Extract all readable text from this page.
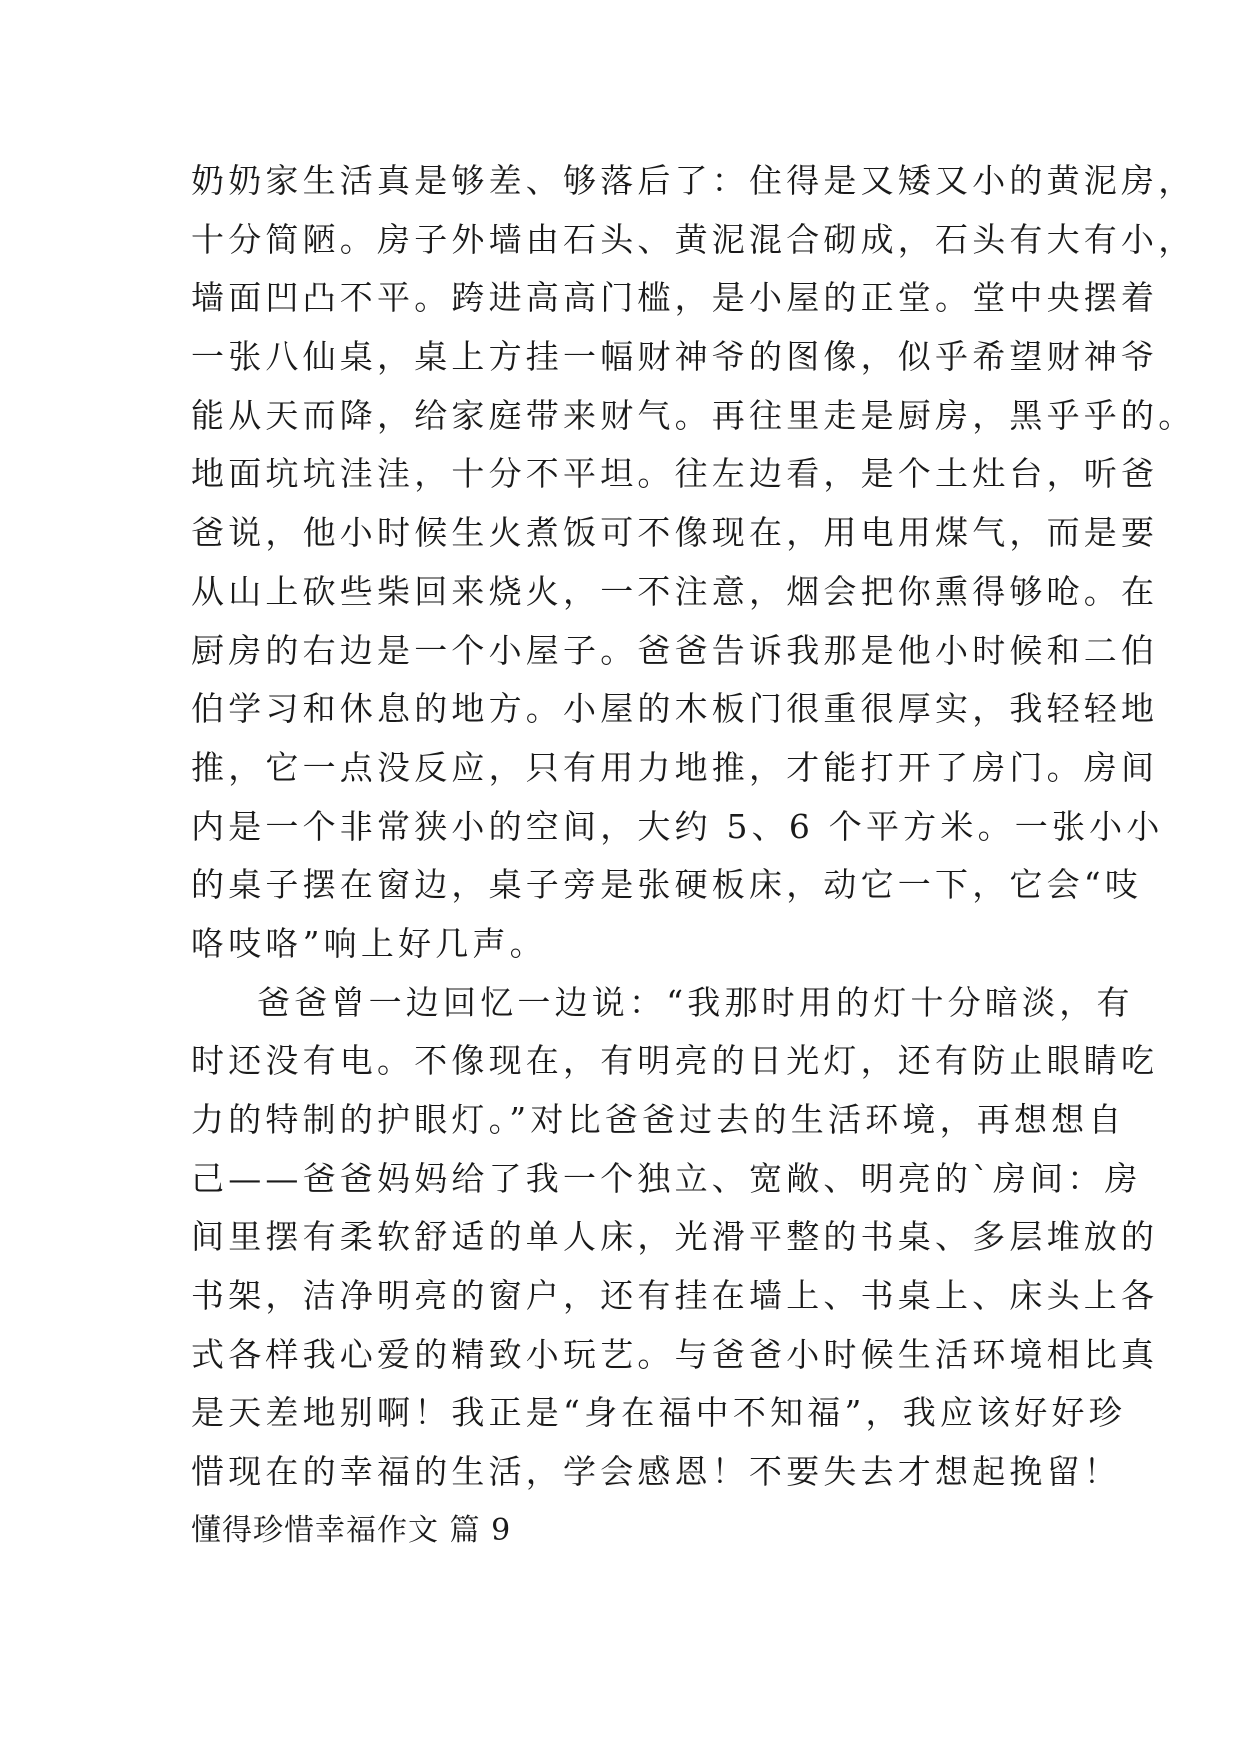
奶奶家生活真是够差、够落后了：住得是又矮又小的黄泥房，
十分简陋。房子外墙由石头、黄泥混合砌成，石头有大有小，
墙面凹凸不平。跨进高高门槛，是小屋的正堂。堂中央摆着
一张八仙桌，桌上方挂一幅财神爷的图像，似乎希望财神爷
能从天而降，给家庭带来财气。再往里走是厨房，黑乎乎的。
地面坑坑洼洼，十分不平坦。往左边看，是个土灶台，听爸
爸说，他小时候生火煮饭可不像现在，用电用煤气，而是要
从山上砍些柴回来烧火，一不注意，烟会把你熏得够呛。在
厨房的右边是一个小屋子。爸爸告诉我那是他小时候和二伯
伯学习和休息的地方。小屋的木板门很重很厚实，我轻轻地
推，它一点没反应，只有用力地推，才能打开了房门。房间
内是一个非常狭小的空间，大约 5、6 个平方米。一张小小
的桌子摆在窗边，桌子旁是张硬板床，动它一下，它会“吱
咯吱咯”响上好几声。
爸爸曾一边回忆一边说：“我那时用的灯十分暗淡，有
时还没有电。不像现在，有明亮的日光灯，还有防止眼睛吃
力的特制的护眼灯。”对比爸爸过去的生活环境，再想想自
己——爸爸妈妈给了我一个独立、宽敞、明亮的`房间：房
间里摆有柔软舒适的单人床，光滑平整的书桌、多层堆放的
书架，洁净明亮的窗户，还有挂在墙上、书桌上、床头上各
式各样我心爱的精致小玩艺。与爸爸小时候生活环境相比真
是天差地别啊！我正是“身在福中不知福”，我应该好好珍
惜现在的幸福的生活，学会感恩！不要失去才想起挽留！
懂得珍惜幸福作文 篇 9
